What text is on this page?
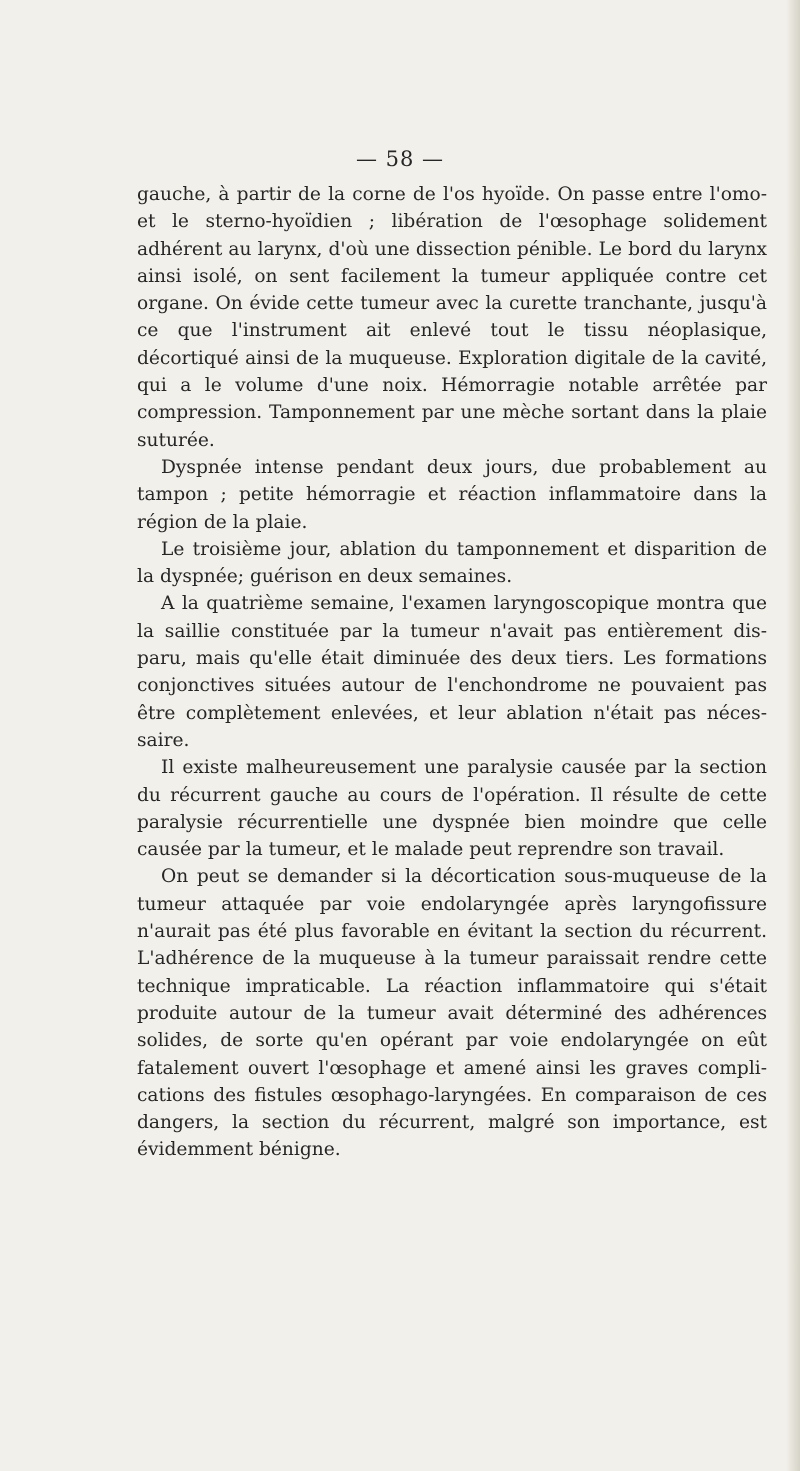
— 58 —

gauche, à partir de la corne de l'os hyoïde. On passe entre l'omo-et le sterno-hyoïdien ; libération de l'œsophage solidement adhérent au larynx, d'où une dissection pénible. Le bord du larynx ainsi isolé, on sent facilement la tumeur appliquée contre cet organe. On évide cette tumeur avec la curette tranchante, jusqu'à ce que l'instrument ait enlevé tout le tissu néoplasique, décortiqué ainsi de la muqueuse. Exploration digitale de la cavité, qui a le volume d'une noix. Hémorragie notable arrêtée par compression. Tamponnement par une mèche sortant dans la plaie suturée.

Dyspnée intense pendant deux jours, due probablement au tampon ; petite hémorragie et réaction inflammatoire dans la région de la plaie.

Le troisième jour, ablation du tamponnement et disparition de la dyspnée; guérison en deux semaines.

A la quatrième semaine, l'examen laryngoscopique montra que la saillie constituée par la tumeur n'avait pas entièrement dis-paru, mais qu'elle était diminuée des deux tiers. Les formations conjonctives situées autour de l'enchondrome ne pouvaient pas être complètement enlevées, et leur ablation n'était pas néces-saire.

Il existe malheureusement une paralysie causée par la section du récurrent gauche au cours de l'opération. Il résulte de cette paralysie récurrentielle une dyspnée bien moindre que celle causée par la tumeur, et le malade peut reprendre son travail.

On peut se demander si la décortication sous-muqueuse de la tumeur attaquée par voie endolaryngée après laryngofissure n'aurait pas été plus favorable en évitant la section du récurrent. L'adhérence de la muqueuse à la tumeur paraissait rendre cette technique impraticable. La réaction inflammatoire qui s'était produite autour de la tumeur avait déterminé des adhérences solides, de sorte qu'en opérant par voie endolaryngée on eût fatalement ouvert l'œsophage et amené ainsi les graves compli-cations des fistules œsophago-laryngées. En comparaison de ces dangers, la section du récurrent, malgré son importance, est évidemment bénigne.
